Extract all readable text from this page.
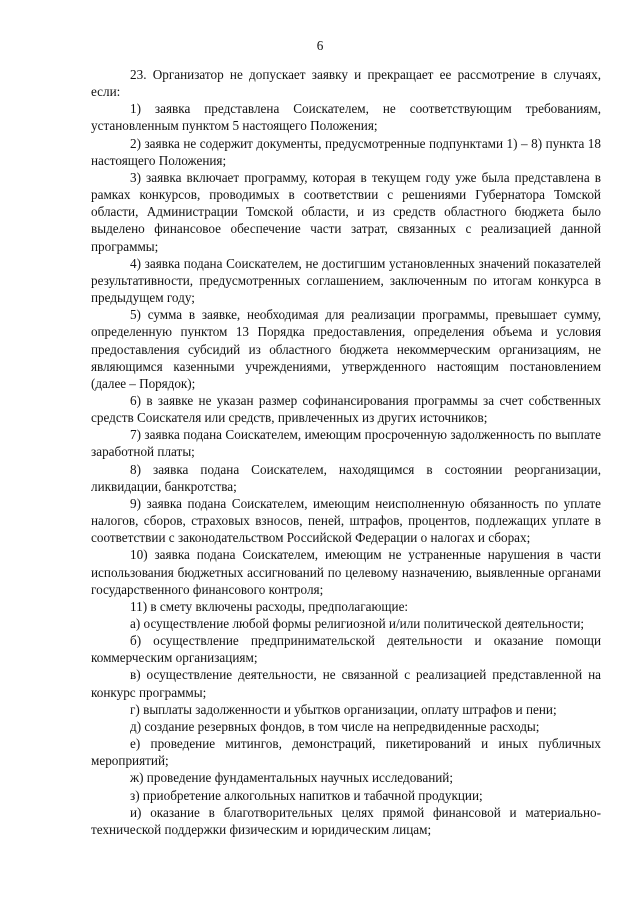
6

23. Организатор не допускает заявку и прекращает ее рассмотрение в случаях, если:

1) заявка представлена Соискателем, не соответствующим требованиям, установленным пунктом 5 настоящего Положения;

2) заявка не содержит документы, предусмотренные подпунктами 1) – 8) пункта 18 настоящего Положения;

3) заявка включает программу, которая в текущем году уже была представлена в рамках конкурсов, проводимых в соответствии с решениями Губернатора Томской области, Администрации Томской области, и из средств областного бюджета было выделено финансовое обеспечение части затрат, связанных с реализацией данной программы;

4) заявка подана Соискателем, не достигшим установленных значений показателей результативности, предусмотренных соглашением, заключенным по итогам конкурса в предыдущем году;

5) сумма в заявке, необходимая для реализации программы, превышает сумму, определенную пунктом 13 Порядка предоставления, определения объема и условия предоставления субсидий из областного бюджета некоммерческим организациям, не являющимся казенными учреждениями, утвержденного настоящим постановлением (далее – Порядок);

6) в заявке не указан размер софинансирования программы за счет собственных средств Соискателя или средств, привлеченных из других источников;

7) заявка подана Соискателем, имеющим просроченную задолженность по выплате заработной платы;

8) заявка подана Соискателем, находящимся в состоянии реорганизации, ликвидации, банкротства;

9) заявка подана Соискателем, имеющим неисполненную обязанность по уплате налогов, сборов, страховых взносов, пеней, штрафов, процентов, подлежащих уплате в соответствии с законодательством Российской Федерации о налогах и сборах;

10) заявка подана Соискателем, имеющим не устраненные нарушения в части использования бюджетных ассигнований по целевому назначению, выявленные органами государственного финансового контроля;

11) в смету включены расходы, предполагающие:

а) осуществление любой формы религиозной и/или политической деятельности;

б) осуществление предпринимательской деятельности и оказание помощи коммерческим организациям;

в) осуществление деятельности, не связанной с реализацией представленной на конкурс программы;

г) выплаты задолженности и убытков организации, оплату штрафов и пени;

д) создание резервных фондов, в том числе на непредвиденные расходы;

е) проведение митингов, демонстраций, пикетирований и иных публичных мероприятий;

ж) проведение фундаментальных научных исследований;

з) приобретение алкогольных напитков и табачной продукции;

и) оказание в благотворительных целях прямой финансовой и материально-технической поддержки физическим и юридическим лицам;
